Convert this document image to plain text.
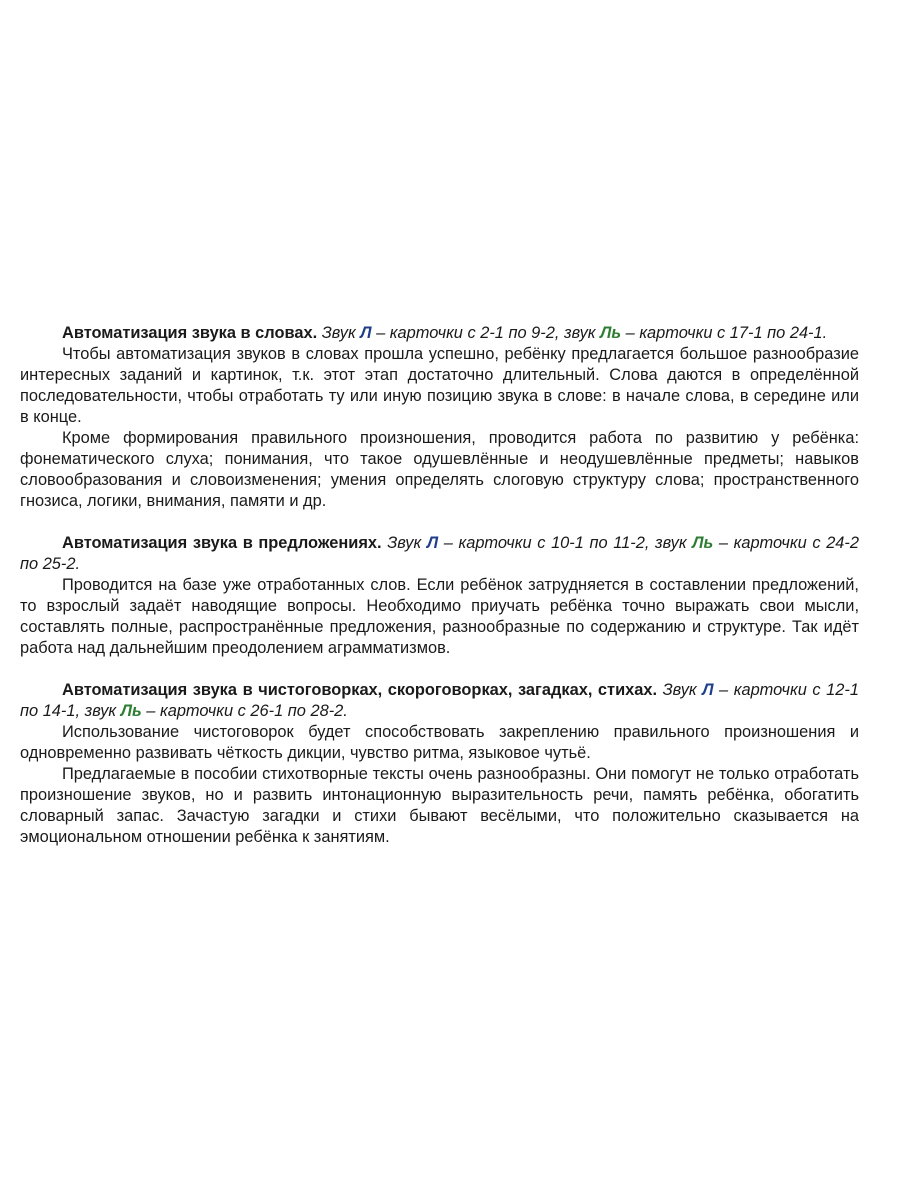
Автоматизация звука в словах. Звук Л – карточки с 2-1 по 9-2, звук Ль – карточки с 17-1 по 24-1.

Чтобы автоматизация звуков в словах прошла успешно, ребёнку предлагается большое разнообразие интересных заданий и картинок, т.к. этот этап достаточно длительный. Слова даются в определённой последовательности, чтобы отработать ту или иную позицию звука в слове: в начале слова, в середине или в конце.

Кроме формирования правильного произношения, проводится работа по развитию у ребёнка: фонематического слуха; понимания, что такое одушевлённые и неодушевлённые предметы; навыков словообразования и словоизменения; умения определять слоговую структуру слова; пространственного гнозиса, логики, внимания, памяти и др.

Автоматизация звука в предложениях. Звук Л – карточки с 10-1 по 11-2, звук Ль – карточки с 24-2 по 25-2.

Проводится на базе уже отработанных слов. Если ребёнок затрудняется в составлении предложений, то взрослый задаёт наводящие вопросы. Необходимо приучать ребёнка точно выражать свои мысли, составлять полные, распространённые предложения, разнообразные по содержанию и структуре. Так идёт работа над дальнейшим преодолением аграмматизмов.

Автоматизация звука в чистоговорках, скороговорках, загадках, стихах. Звук Л – карточки с 12-1 по 14-1, звук Ль – карточки с 26-1 по 28-2.

Использование чистоговорок будет способствовать закреплению правильного произношения и одновременно развивать чёткость дикции, чувство ритма, языковое чутьё.

Предлагаемые в пособии стихотворные тексты очень разнообразны. Они помогут не только отработать произношение звуков, но и развить интонационную выразительность речи, память ребёнка, обогатить словарный запас. Зачастую загадки и стихи бывают весёлыми, что положительно сказывается на эмоциональном отношении ребёнка к занятиям.
